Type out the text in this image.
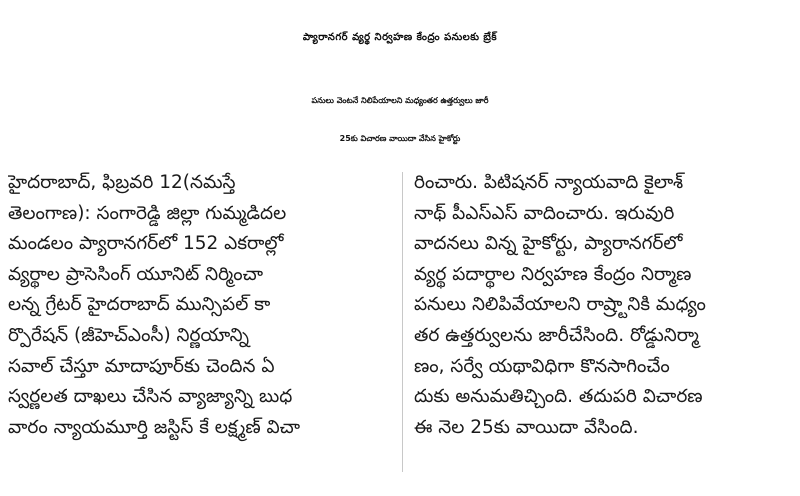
ప్యారానగర్ వ్యర్థ నిర్వహణ కేంద్రం పనులకు బ్రేక్
పనులు వెంటనే నిలిపేయాలని మధ్యంతర ఉత్తర్వులు జారీ
25కు విచారణ వాయిదా వేసిన హైకోర్టు
హైదరాబాద్, ఫిబ్రవరి 12(నమస్తే
తెలంగాణ): సంగారెడ్డి జిల్లా గుమ్మడిదల
మండలం ప్యారానగర్‌లో 152 ఎకరాల్లో
వ్యర్థాల ప్రాసెసింగ్ యూనిట్ నిర్మించా
లన్న గ్రేటర్ హైదరాబాద్ మున్సిపల్ కా
ర్పొరేషన్ (జీహెచ్ఎంసీ) నిర్ణయాన్ని
సవాల్ చేస్తూ మాదాపూర్‌కు చెందిన ఏ
స్వర్ణలత దాఖలు చేసిన వ్యాజ్యాన్ని బుధ
వారం న్యాయమూర్తి జస్టిస్ కే లక్ష్మణ్ విచా
రించారు. పిటిషనర్ న్యాయవాది కైలాశ్
నాథ్ పీఎస్ఎస్ వాదించారు. ఇరువురి
వాదనలు విన్న హైకోర్టు, ప్యారానగర్‌లో
వ్యర్థ పదార్థాల నిర్వహణ కేంద్రం నిర్మాణ
పనులు నిలిపివేయాలని రాష్ర్టానికి మధ్యం
తర ఉత్తర్వులను జారీచేసింది. రోడ్డునిర్మా
ణం, సర్వే యథావిధిగా కొనసాగించేం
దుకు అనుమతిచ్చింది. తదుపరి విచారణ
ఈ నెల 25కు వాయిదా వేసింది.
